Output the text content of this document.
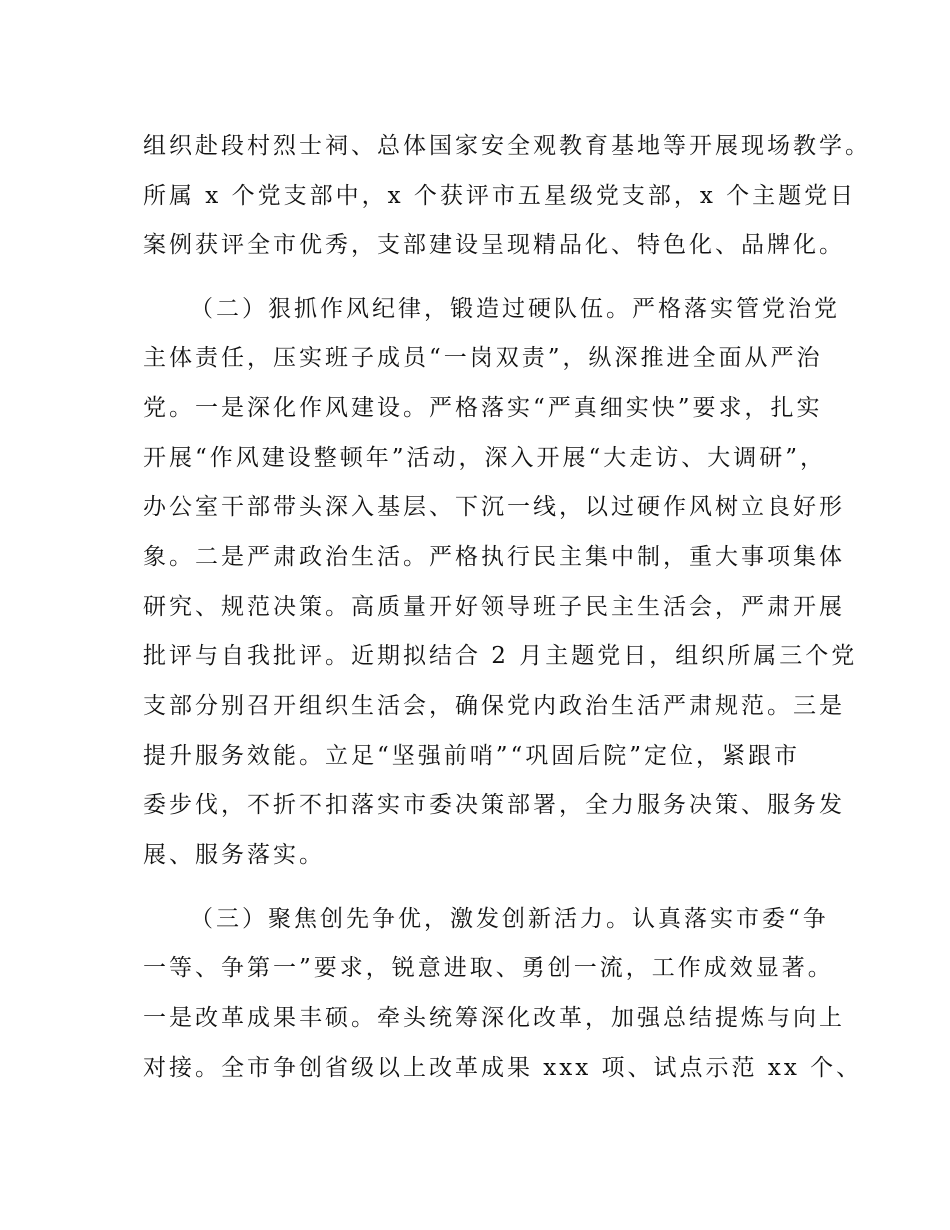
组织赴段村烈士祠、总体国家安全观教育基地等开展现场教学。
所属 x 个党支部中，x 个获评市五星级党支部，x 个主题党日
案例获评全市优秀，支部建设呈现精品化、特色化、品牌化。
（二）狠抓作风纪律，锻造过硬队伍。严格落实管党治党
主体责任，压实班子成员“一岗双责”，纵深推进全面从严治
党。一是深化作风建设。严格落实“严真细实快”要求，扎实
开展“作风建设整顿年”活动，深入开展“大走访、大调研”，
办公室干部带头深入基层、下沉一线，以过硬作风树立良好形
象。二是严肃政治生活。严格执行民主集中制，重大事项集体
研究、规范决策。高质量开好领导班子民主生活会，严肃开展
批评与自我批评。近期拟结合 2 月主题党日，组织所属三个党
支部分别召开组织生活会，确保党内政治生活严肃规范。三是
提升服务效能。立足“坚强前哨”“巩固后院”定位，紧跟市
委步伐，不折不扣落实市委决策部署，全力服务决策、服务发
展、服务落实。
（三）聚焦创先争优，激发创新活力。认真落实市委“争
一等、争第一”要求，锐意进取、勇创一流，工作成效显著。
一是改革成果丰硕。牵头统筹深化改革，加强总结提炼与向上
对接。全市争创省级以上改革成果 xxx 项、试点示范 xx 个、
